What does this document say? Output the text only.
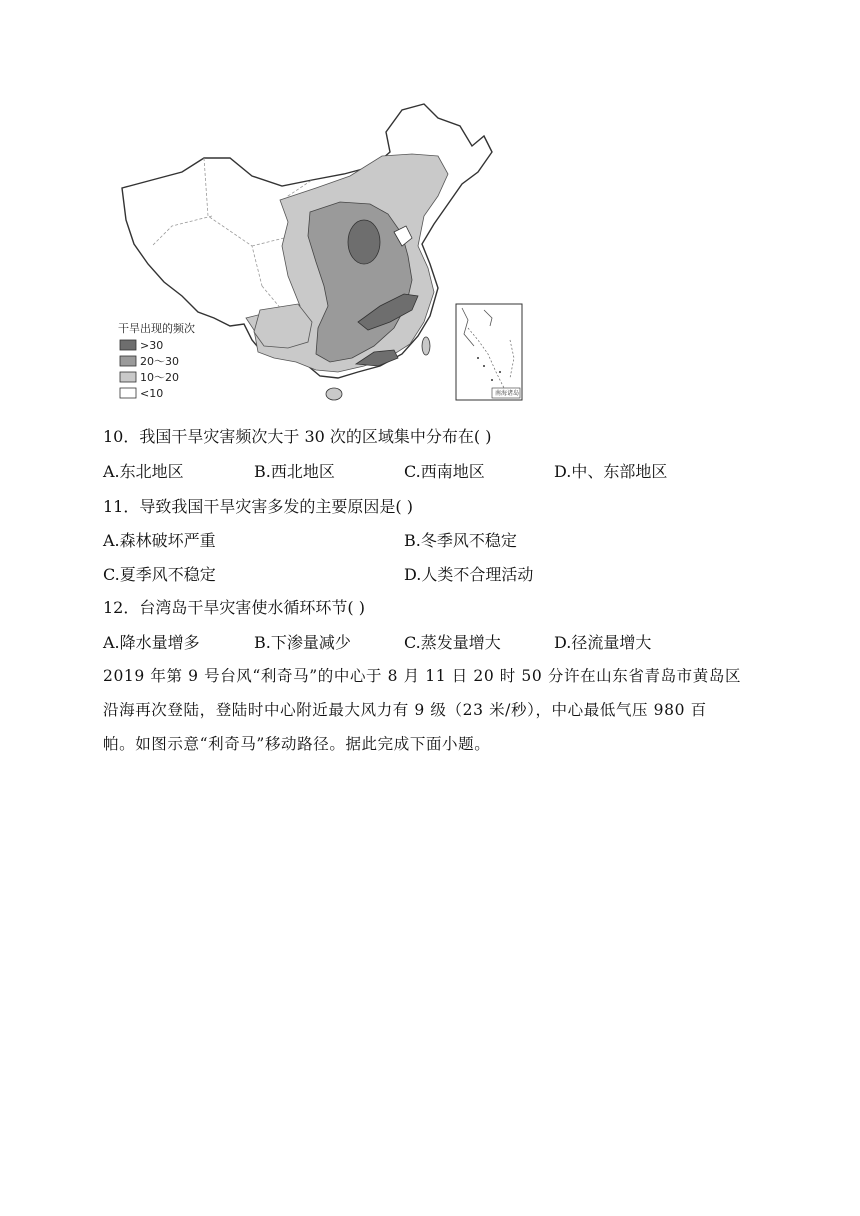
干旱出现的频次
>30
20～30
10～20
<10	南海诸岛
10．我国干旱灾害频次大于 30 次的区域集中分布在( )
A.东北地区	B.西北地区	C.西南地区	D.中、东部地区
11．导致我国干旱灾害多发的主要原因是( )
A.森林破坏严重	B.冬季风不稳定
C.夏季风不稳定	D.人类不合理活动
12．台湾岛干旱灾害使水循环环节( )
A.降水量增多	B.下渗量减少	C.蒸发量增大	D.径流量增大
2019 年第 9 号台风“利奇马”的中心于 8 月 11 日 20 时 50 分许在山东省青岛市黄岛区
沿海再次登陆，登陆时中心附近最大风力有 9 级（23 米/秒），中心最低气压 980 百
帕。如图示意“利奇马”移动路径。据此完成下面小题。
